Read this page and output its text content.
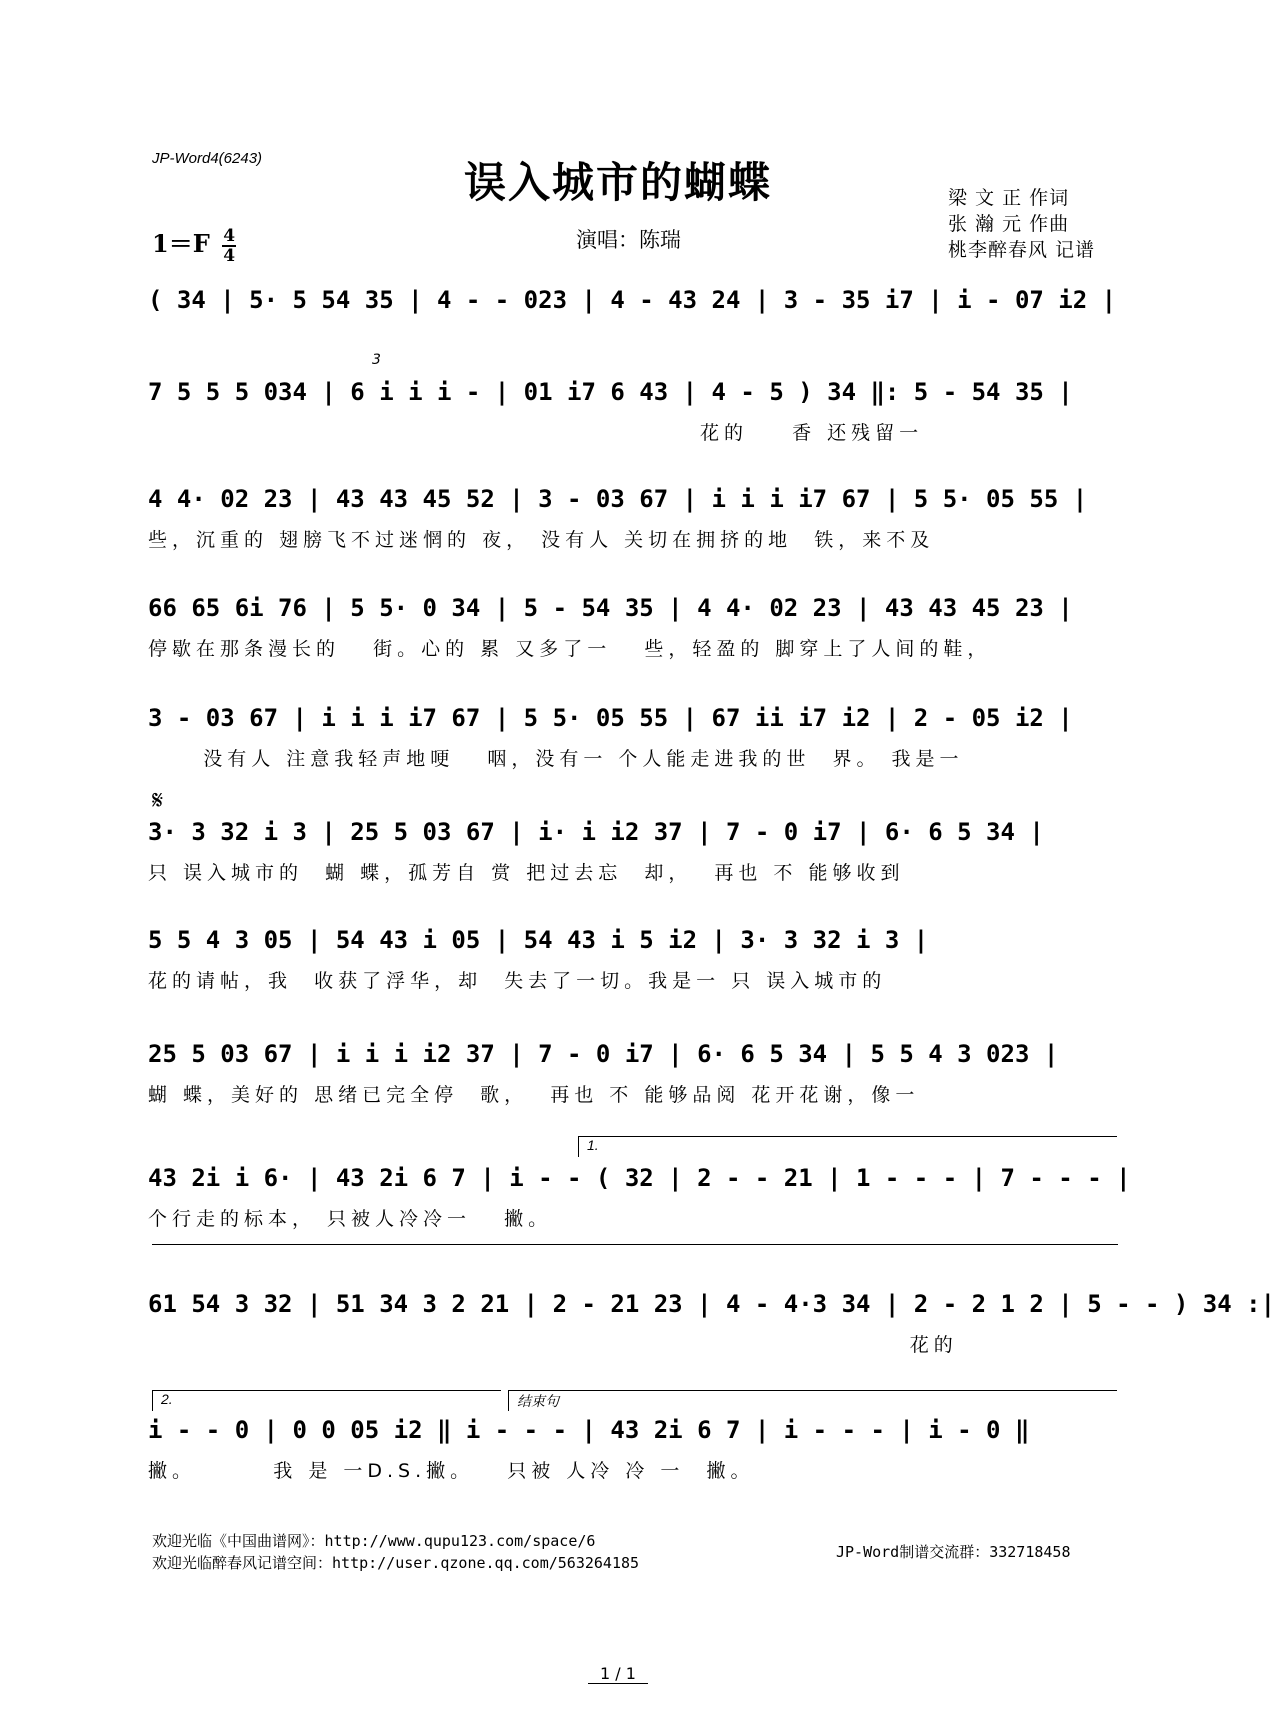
JP-Word4(6243)	误入城市的蝴蝶	梁 文 正 作词
张 瀚 元 作曲
桃李醉春风 记谱
$1=F \frac{4}{4}$	演唱：陈瑞
( 34 | 5· 5 54 35 | 4 - - 023 | 4 - 43 24 | 3 - 35 i7 | i - 07 i2 |
3
7 5 5 5 034 | 6 i i i - | 01 i7 6 43 | 4 - 5 ) 34 ‖: 5 - 54 35 |
花的    香 还残留一
4 4· 02 23 | 43 43 45 52 | 3 - 03 67 | i i i i7 67 | 5 5· 05 55 |
些，沉重的 翅膀飞不过迷惘的 夜， 没有人 关切在拥挤的地  铁，来不及
66 65 6i 76 | 5 5· 0 34 | 5 - 54 35 | 4 4· 02 23 | 43 43 45 23 |
停歇在那条漫长的   街。心的 累 又多了一   些，轻盈的 脚穿上了人间的鞋，
3 - 03 67 | i i i i7 67 | 5 5· 05 55 | 67 ii i7 i2 | 2 - 05 i2 |
没有人 注意我轻声地哽   咽，没有一 个人能走进我的世  界。 我是一
𝄋
3· 3 32 i 3 | 25 5 03 67 | i· i i2 37 | 7 - 0 i7 | 6· 6 5 34 |
只 误入城市的  蝴 蝶，孤芳自 赏 把过去忘  却，  再也 不 能够收到
5 5 4 3 05 | 54 43 i 05 | 54 43 i 5 i2 | 3· 3 32 i 3 |
花的请帖，我  收获了浮华，却  失去了一切。我是一 只 误入城市的
25 5 03 67 | i i i i2 37 | 7 - 0 i7 | 6· 6 5 34 | 5 5 4 3 023 |
蝴 蝶，美好的 思绪已完全停  歌，  再也 不 能够品阅 花开花谢，像一
1.
43 2i i 6· | 43 2i 6 7 | i - - ( 32 | 2 - - 21 | 1 - - - | 7 - - - |
个行走的标本， 只被人冷冷一   撇。
61 54 3 32 | 51 34 3 2 21 | 2 - 21 23 | 4 - 4·3 34 | 2 - 2 1 2 | 5 - - ) 34 :|
花的
2.	结束句
i - - 0 | 0 0 05 i2 ‖ i - - - | 43 2i 6 7 | i - - - | i - 0 ‖
撇。       我 是 一D.S.撇。   只被 人冷 冷 一  撇。
欢迎光临《中国曲谱网》：http://www.qupu123.com/space/6
欢迎光临醉春风记谱空间：http://user.qzone.qq.com/563264185
JP-Word制谱交流群：332718458
1 / 1
